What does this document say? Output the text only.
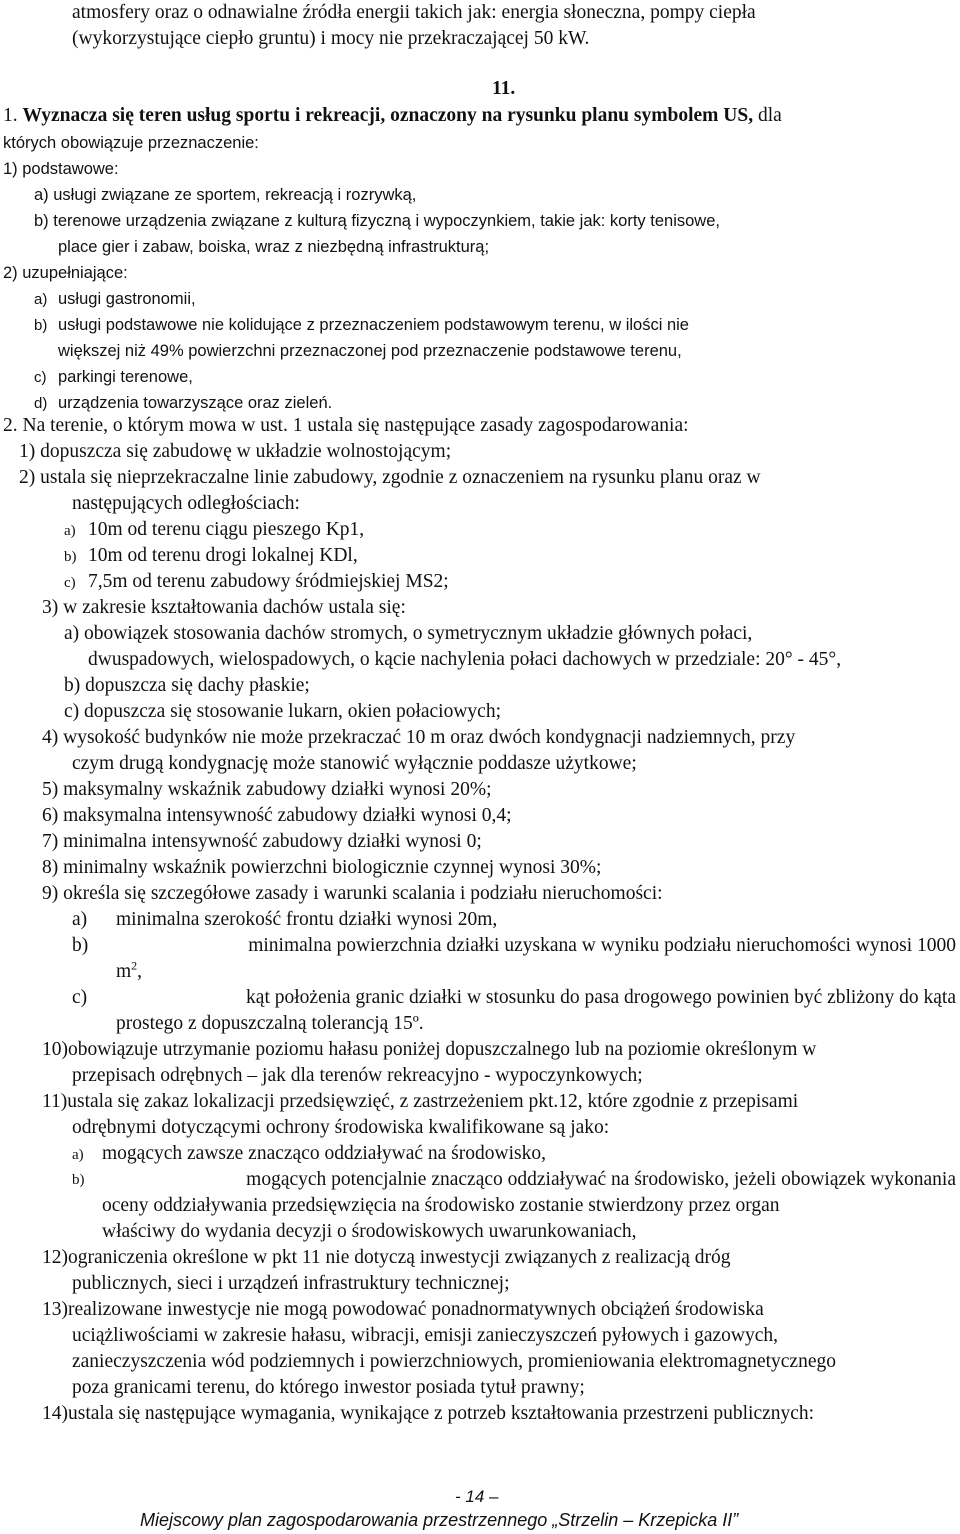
atmosfery oraz o odnawialne źródła energii takich jak: energia słoneczna, pompy ciepła
(wykorzystujące ciepło gruntu) i mocy nie przekraczającej 50 kW.
11.
1. Wyznacza się teren usług sportu i rekreacji, oznaczony na rysunku planu symbolem US, dla
których obowiązuje przeznaczenie:
1) podstawowe:
a) usługi związane ze sportem, rekreacją i rozrywką,
b) terenowe urządzenia związane z kulturą fizyczną i wypoczynkiem, takie jak: korty tenisowe,
place gier i zabaw, boiska, wraz z niezbędną infrastrukturą;
2) uzupełniające:
a) usługi gastronomii,
b) usługi podstawowe nie kolidujące z przeznaczeniem podstawowym terenu, w ilości nie
większej niż 49% powierzchni przeznaczonej pod przeznaczenie podstawowe terenu,
c) parkingi terenowe,
d) urządzenia towarzyszące oraz zieleń.
2. Na terenie, o którym mowa w ust. 1 ustala się następujące zasady zagospodarowania:
1) dopuszcza się zabudowę w układzie wolnostojącym;
2) ustala się nieprzekraczalne linie zabudowy, zgodnie z oznaczeniem na rysunku planu oraz w
następujących odległościach:
a) 10m od terenu ciągu pieszego Kp1,
b) 10m od terenu drogi lokalnej KDl,
c) 7,5m od terenu zabudowy śródmiejskiej MS2;
3) w zakresie kształtowania dachów ustala się:
a) obowiązek stosowania dachów stromych, o symetrycznym układzie głównych połaci,
dwuspadowych, wielospadowych, o kącie nachylenia połaci dachowych w przedziale: 20° - 45°,
b) dopuszcza się dachy płaskie;
c) dopuszcza się stosowanie lukarn, okien połaciowych;
4) wysokość budynków nie może przekraczać 10 m oraz dwóch kondygnacji nadziemnych, przy
czym drugą kondygnację może stanowić wyłącznie poddasze użytkowe;
5) maksymalny wskaźnik zabudowy działki wynosi 20%;
6) maksymalna intensywność zabudowy działki wynosi 0,4;
7) minimalna intensywność zabudowy działki wynosi 0;
8) minimalny wskaźnik powierzchni biologicznie czynnej wynosi 30%;
9) określa się szczegółowe zasady i warunki scalania i podziału nieruchomości:
a) minimalna szerokość frontu działki wynosi 20m,
b)	minimalna powierzchnia działki uzyskana w wyniku podziału nieruchomości wynosi 1000
$m^2$,
c)	kąt położenia granic działki w stosunku do pasa drogowego powinien być zbliżony do kąta
prostego z dopuszczalną tolerancją 15º.
10)obowiązuje utrzymanie poziomu hałasu poniżej dopuszczalnego lub na poziomie określonym w
przepisach odrębnych – jak dla terenów rekreacyjno - wypoczynkowych;
11)ustala się zakaz lokalizacji przedsięwzięć, z zastrzeżeniem pkt.12, które zgodnie z przepisami
odrębnymi dotyczącymi ochrony środowiska kwalifikowane są jako:
a) mogących zawsze znacząco oddziaływać na środowisko,
b)	mogących potencjalnie znacząco oddziaływać na środowisko, jeżeli obowiązek wykonania
oceny oddziaływania przedsięwzięcia na środowisko zostanie stwierdzony przez organ
właściwy do wydania decyzji o środowiskowych uwarunkowaniach,
12)ograniczenia określone w pkt 11 nie dotyczą inwestycji związanych z realizacją dróg
publicznych, sieci i urządzeń infrastruktury technicznej;
13)realizowane inwestycje nie mogą powodować ponadnormatywnych obciążeń środowiska
uciążliwościami w zakresie hałasu, wibracji, emisji zanieczyszczeń pyłowych i gazowych,
zanieczyszczenia wód podziemnych i powierzchniowych, promieniowania elektromagnetycznego
poza granicami terenu, do którego inwestor posiada tytuł prawny;
14)ustala się następujące wymagania, wynikające z potrzeb kształtowania przestrzeni publicznych:
- 14 –
Miejscowy plan zagospodarowania przestrzennego „Strzelin – Krzepicka II”
